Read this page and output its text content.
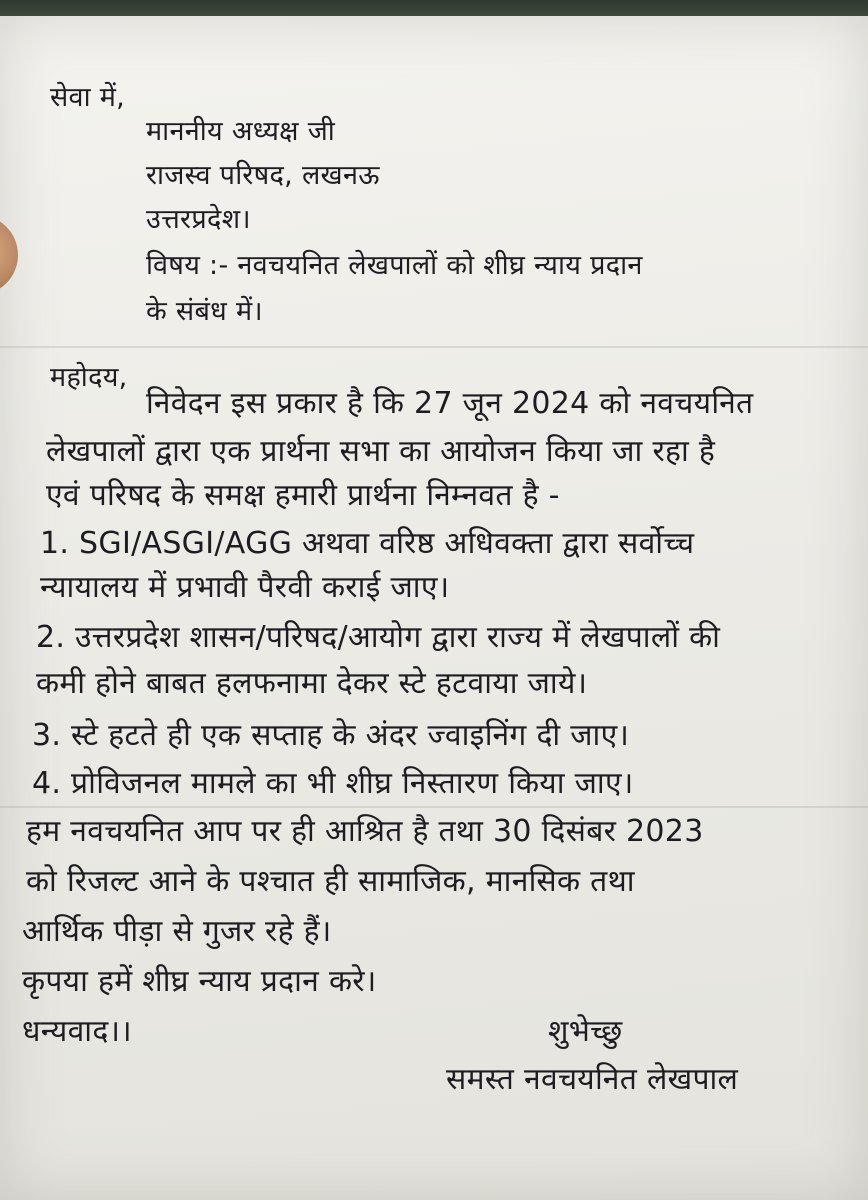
सेवा में,
माननीय अध्यक्ष जी
राजस्व परिषद, लखनऊ
उत्तरप्रदेश।
विषय :- नवचयनित लेखपालों को शीघ्र न्याय प्रदान
के संबंध में।
महोदय,
निवेदन इस प्रकार है कि 27 जून 2024 को नवचयनित
लेखपालों द्वारा एक प्रार्थना सभा का आयोजन किया जा रहा है
एवं परिषद के समक्ष हमारी प्रार्थना निम्नवत है -
1. SGI/ASGI/AGG अथवा वरिष्ठ अधिवक्ता द्वारा सर्वोच्च
न्यायालय में प्रभावी पैरवी कराई जाए।
2. उत्तरप्रदेश शासन/परिषद/आयोग द्वारा राज्य में लेखपालों की
कमी होने बाबत हलफनामा देकर स्टे हटवाया जाये।
3. स्टे हटते ही एक सप्ताह के अंदर ज्वाइनिंग दी जाए।
4. प्रोविजनल मामले का भी शीघ्र निस्तारण किया जाए।
हम नवचयनित आप पर ही आश्रित है तथा 30 दिसंबर 2023
को रिजल्ट आने के पश्चात ही सामाजिक, मानसिक तथा
आर्थिक पीड़ा से गुजर रहे हैं।
कृपया हमें शीघ्र न्याय प्रदान करे।
धन्यवाद।।	शुभेच्छु
समस्त नवचयनित लेखपाल
